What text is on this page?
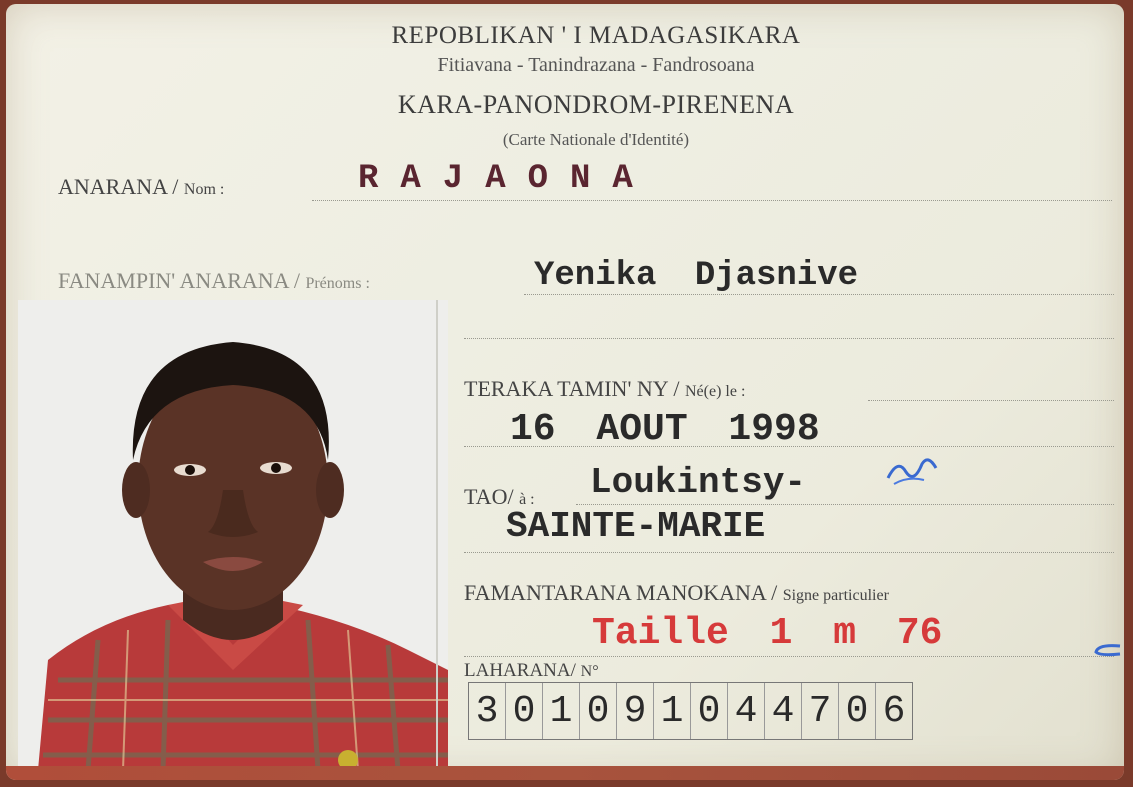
REPOBLIKAN ' I MADAGASIKARA
Fitiavana - Tanindrazana - Fandrosoana
KARA-PANONDROM-PIRENENA
(Carte Nationale d'Identité)
ANARANA / Nom :	RAJAONA
FANAMPIN' ANARANA / Prénoms :	Yenika Djasnive
TERAKA TAMIN' NY / Né(e) le :
16 AOUT 1998
TAO/ à : Loukintsy-
SAINTE-MARIE
FAMANTARANA MANOKANA / Signe particulier
Taille 1 m 76
LAHARANA/ N°
3 0 1 0 9 1 0 4 4 7 0 6
